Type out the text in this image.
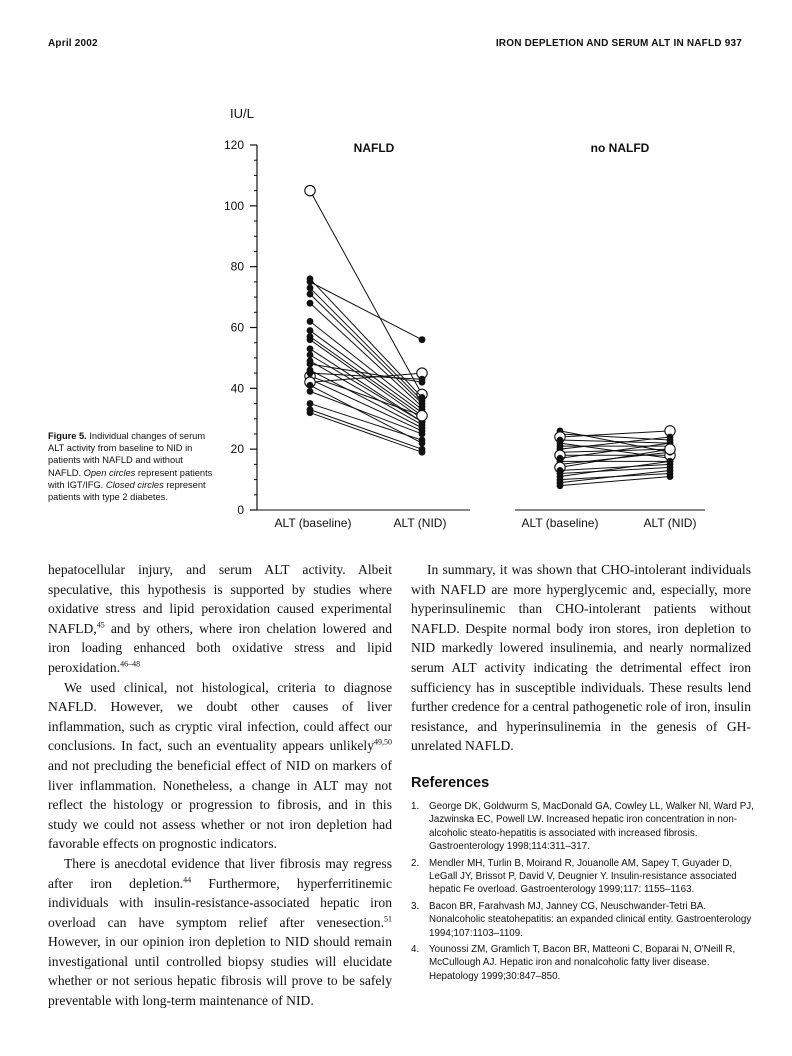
April 2002	IRON DEPLETION AND SERUM ALT IN NAFLD 937
0
20
40
60
80
100
120
IU/L
NAFLD
ALT (baseline)	ALT (NID)
no NALFD
ALT (baseline)	ALT (NID)
Figure 5. Individual changes of serum ALT activity from baseline to NID in patients with NAFLD and without NAFLD. Open circles represent patients with IGT/IFG. Closed circles represent patients with type 2 diabetes.

hepatocellular injury, and serum ALT activity. Albeit speculative, this hypothesis is supported by studies where oxidative stress and lipid peroxidation caused experimental NAFLD,$^{45}$ and by others, where iron chelation lowered and iron loading enhanced both oxidative stress and lipid peroxidation.$^{46-48}$

We used clinical, not histological, criteria to diagnose NAFLD. However, we doubt other causes of liver inflammation, such as cryptic viral infection, could affect our conclusions. In fact, such an eventuality appears unlikely$^{49,50}$ and not precluding the beneficial effect of NID on markers of liver inflammation. Nonetheless, a change in ALT may not reflect the histology or progression to fibrosis, and in this study we could not assess whether or not iron depletion had favorable effects on prognostic indicators.

There is anecdotal evidence that liver fibrosis may regress after iron depletion.$^{44}$ Furthermore, hyperferritinemic individuals with insulin-resistance-associated hepatic iron overload can have symptom relief after venesection.$^{51}$ However, in our opinion iron depletion to NID should remain investigational until controlled biopsy studies will elucidate whether or not serious hepatic fibrosis will prove to be safely preventable with long-term maintenance of NID.

In summary, it was shown that CHO-intolerant individuals with NAFLD are more hyperglycemic and, especially, more hyperinsulinemic than CHO-intolerant patients without NAFLD. Despite normal body iron stores, iron depletion to NID markedly lowered insulinemia, and nearly normalized serum ALT activity indicating the detrimental effect iron sufficiency has in susceptible individuals. These results lend further credence for a central pathogenetic role of iron, insulin resistance, and hyperinsulinemia in the genesis of GH-unrelated NAFLD.

References
1. George DK, Goldwurm S, MacDonald GA, Cowley LL, Walker NI, Ward PJ, Jazwinska EC, Powell LW. Increased hepatic iron concentration in non-alcoholic steato-hepatitis is associated with increased fibrosis. Gastroenterology 1998;114:311–317.
2. Mendler MH, Turlin B, Moirand R, Jouanolle AM, Sapey T, Guyader D, LeGall JY, Brissot P, David V, Deugnier Y. Insulin-resistance associated hepatic Fe overload. Gastroenterology 1999;117: 1155–1163.
3. Bacon BR, Farahvash MJ, Janney CG, Neuschwander-Tetri BA. Nonalcoholic steatohepatitis: an expanded clinical entity. Gastroenterology 1994;107:1103–1109.
4. Younossi ZM, Gramlich T, Bacon BR, Matteoni C, Boparai N, O'Neill R, McCullough AJ. Hepatic iron and nonalcoholic fatty liver disease. Hepatology 1999;30:847–850.
